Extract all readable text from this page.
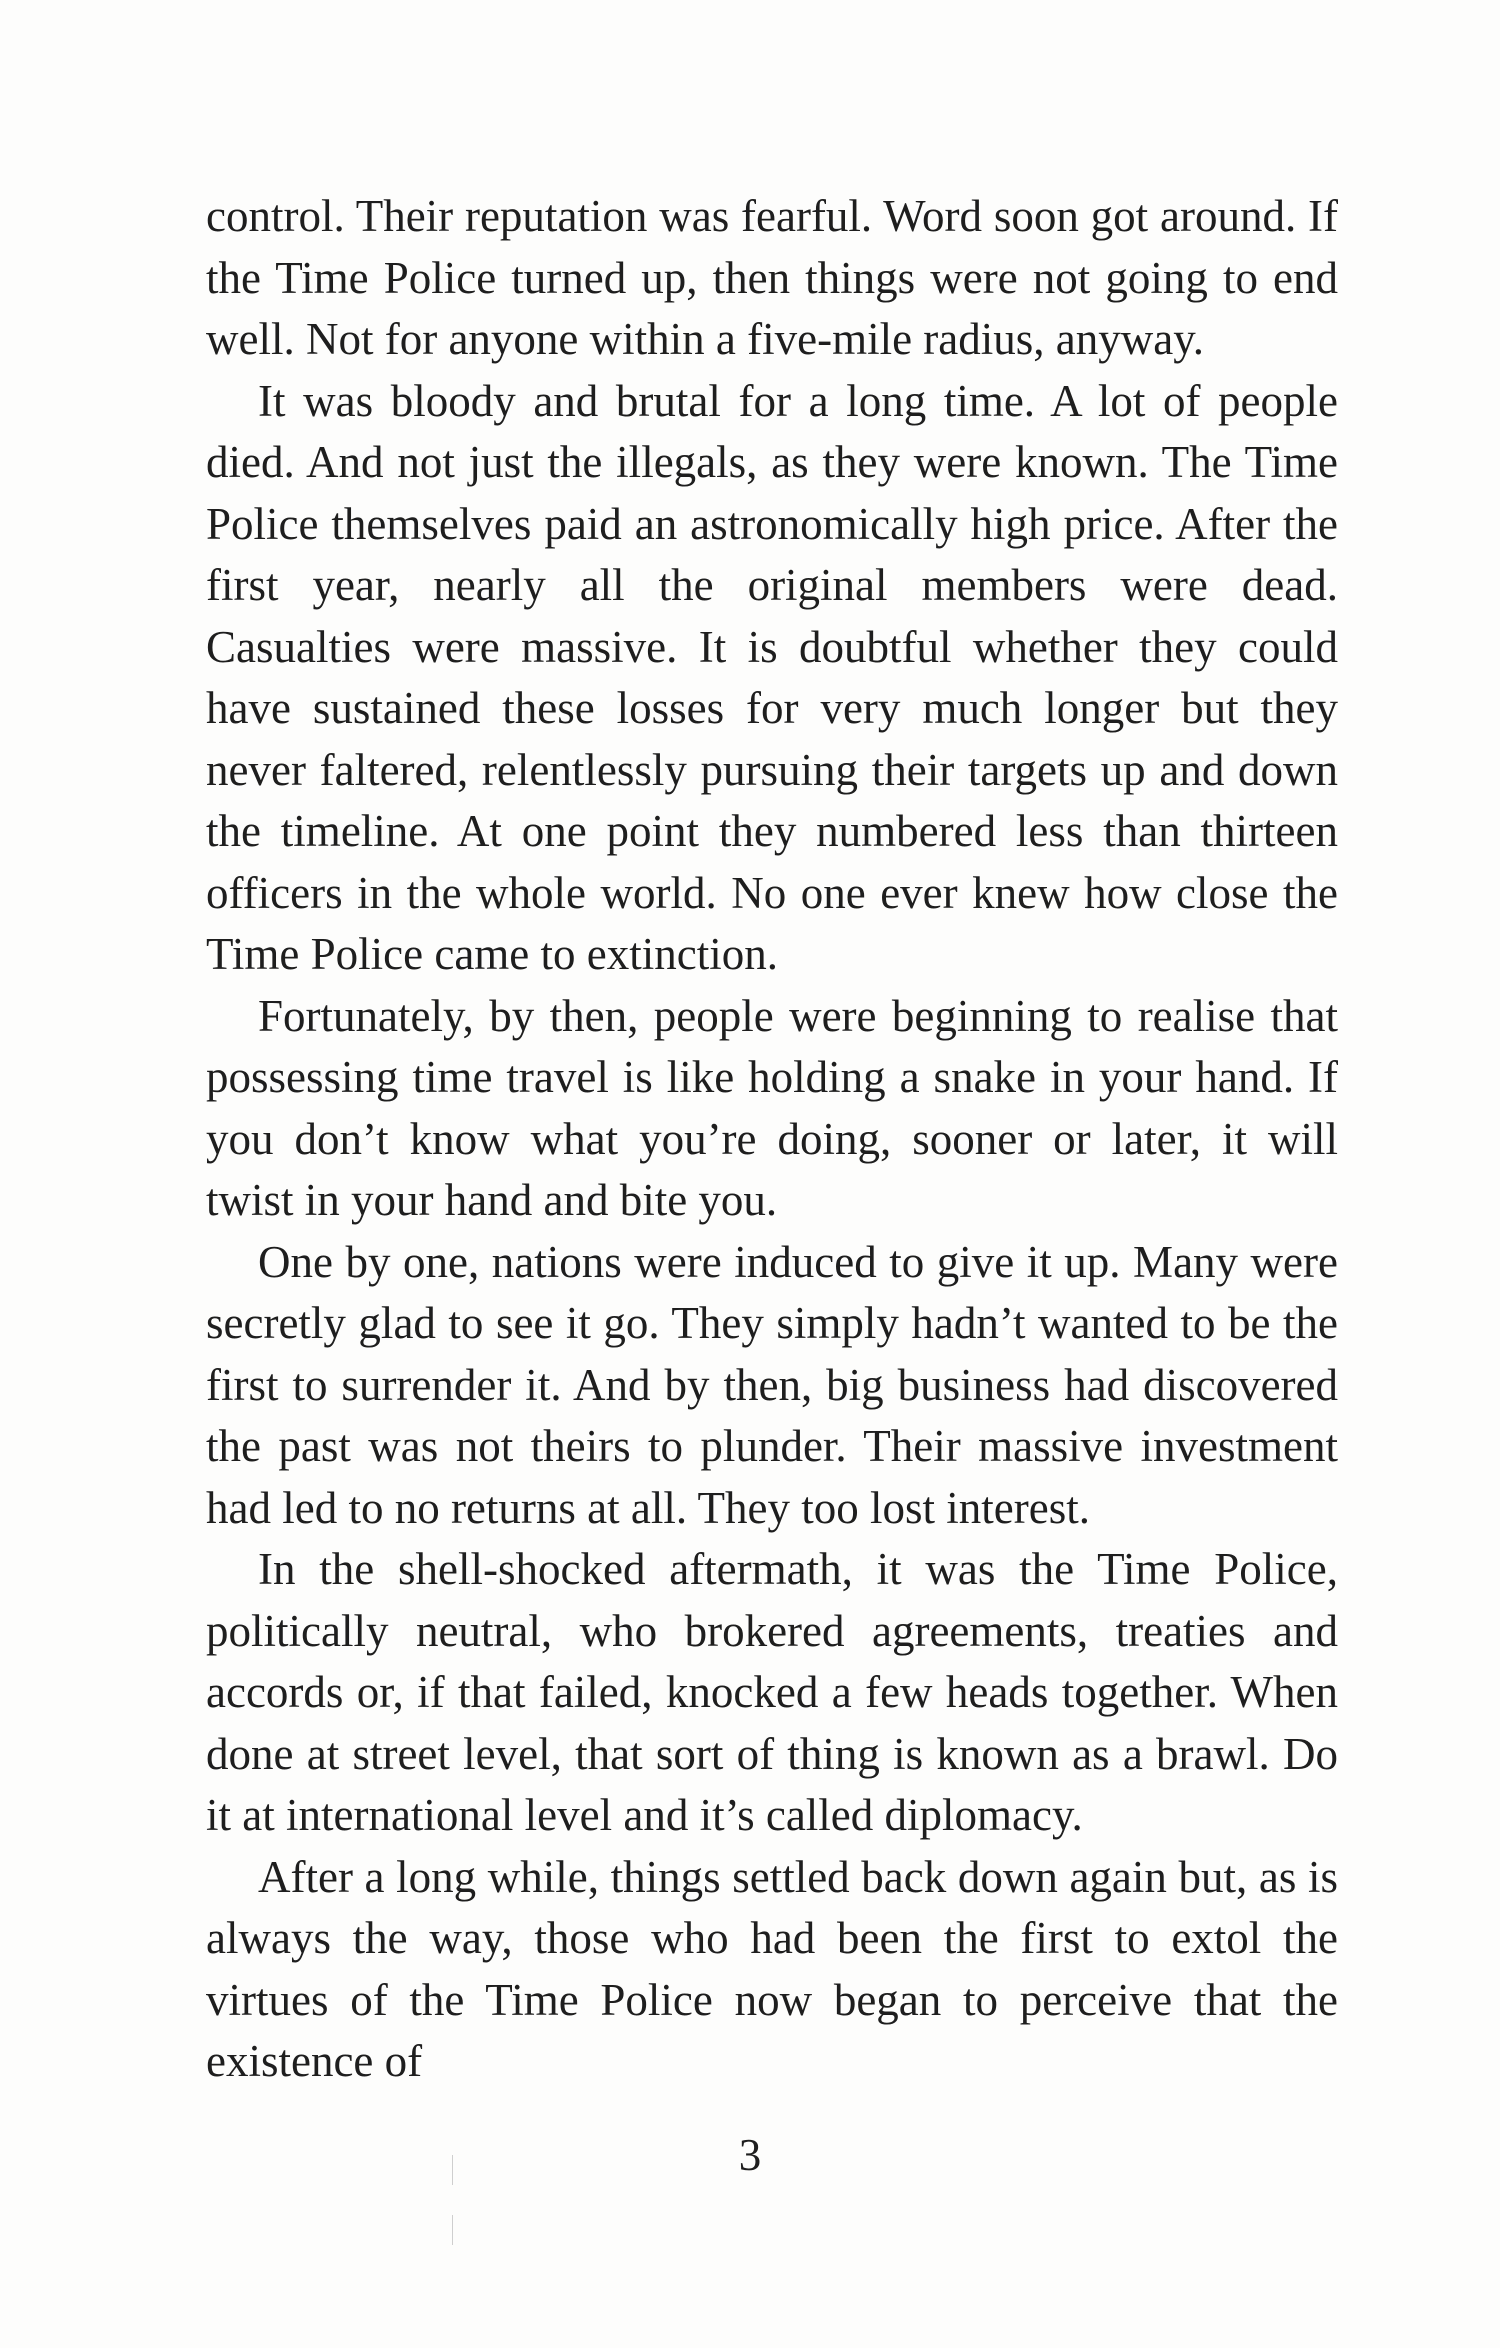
control. Their reputation was fearful. Word soon got around. If the Time Police turned up, then things were not going to end well. Not for anyone within a five-mile radius, anyway.

It was bloody and brutal for a long time. A lot of people died. And not just the illegals, as they were known. The Time Police themselves paid an astronomically high price. After the first year, nearly all the original members were dead. Casualties were massive. It is doubtful whether they could have sustained these losses for very much longer but they never faltered, relentlessly pursuing their targets up and down the timeline. At one point they numbered less than thirteen officers in the whole world. No one ever knew how close the Time Police came to extinction.

Fortunately, by then, people were beginning to realise that possessing time travel is like holding a snake in your hand. If you don’t know what you’re doing, sooner or later, it will twist in your hand and bite you.

One by one, nations were induced to give it up. Many were secretly glad to see it go. They simply hadn’t wanted to be the first to surrender it. And by then, big business had discovered the past was not theirs to plunder. Their massive investment had led to no returns at all. They too lost interest.

In the shell-shocked aftermath, it was the Time Police, politically neutral, who brokered agreements, treaties and accords or, if that failed, knocked a few heads together. When done at street level, that sort of thing is known as a brawl. Do it at international level and it’s called diplomacy.

After a long while, things settled back down again but, as is always the way, those who had been the first to extol the virtues of the Time Police now began to perceive that the existence of

3
